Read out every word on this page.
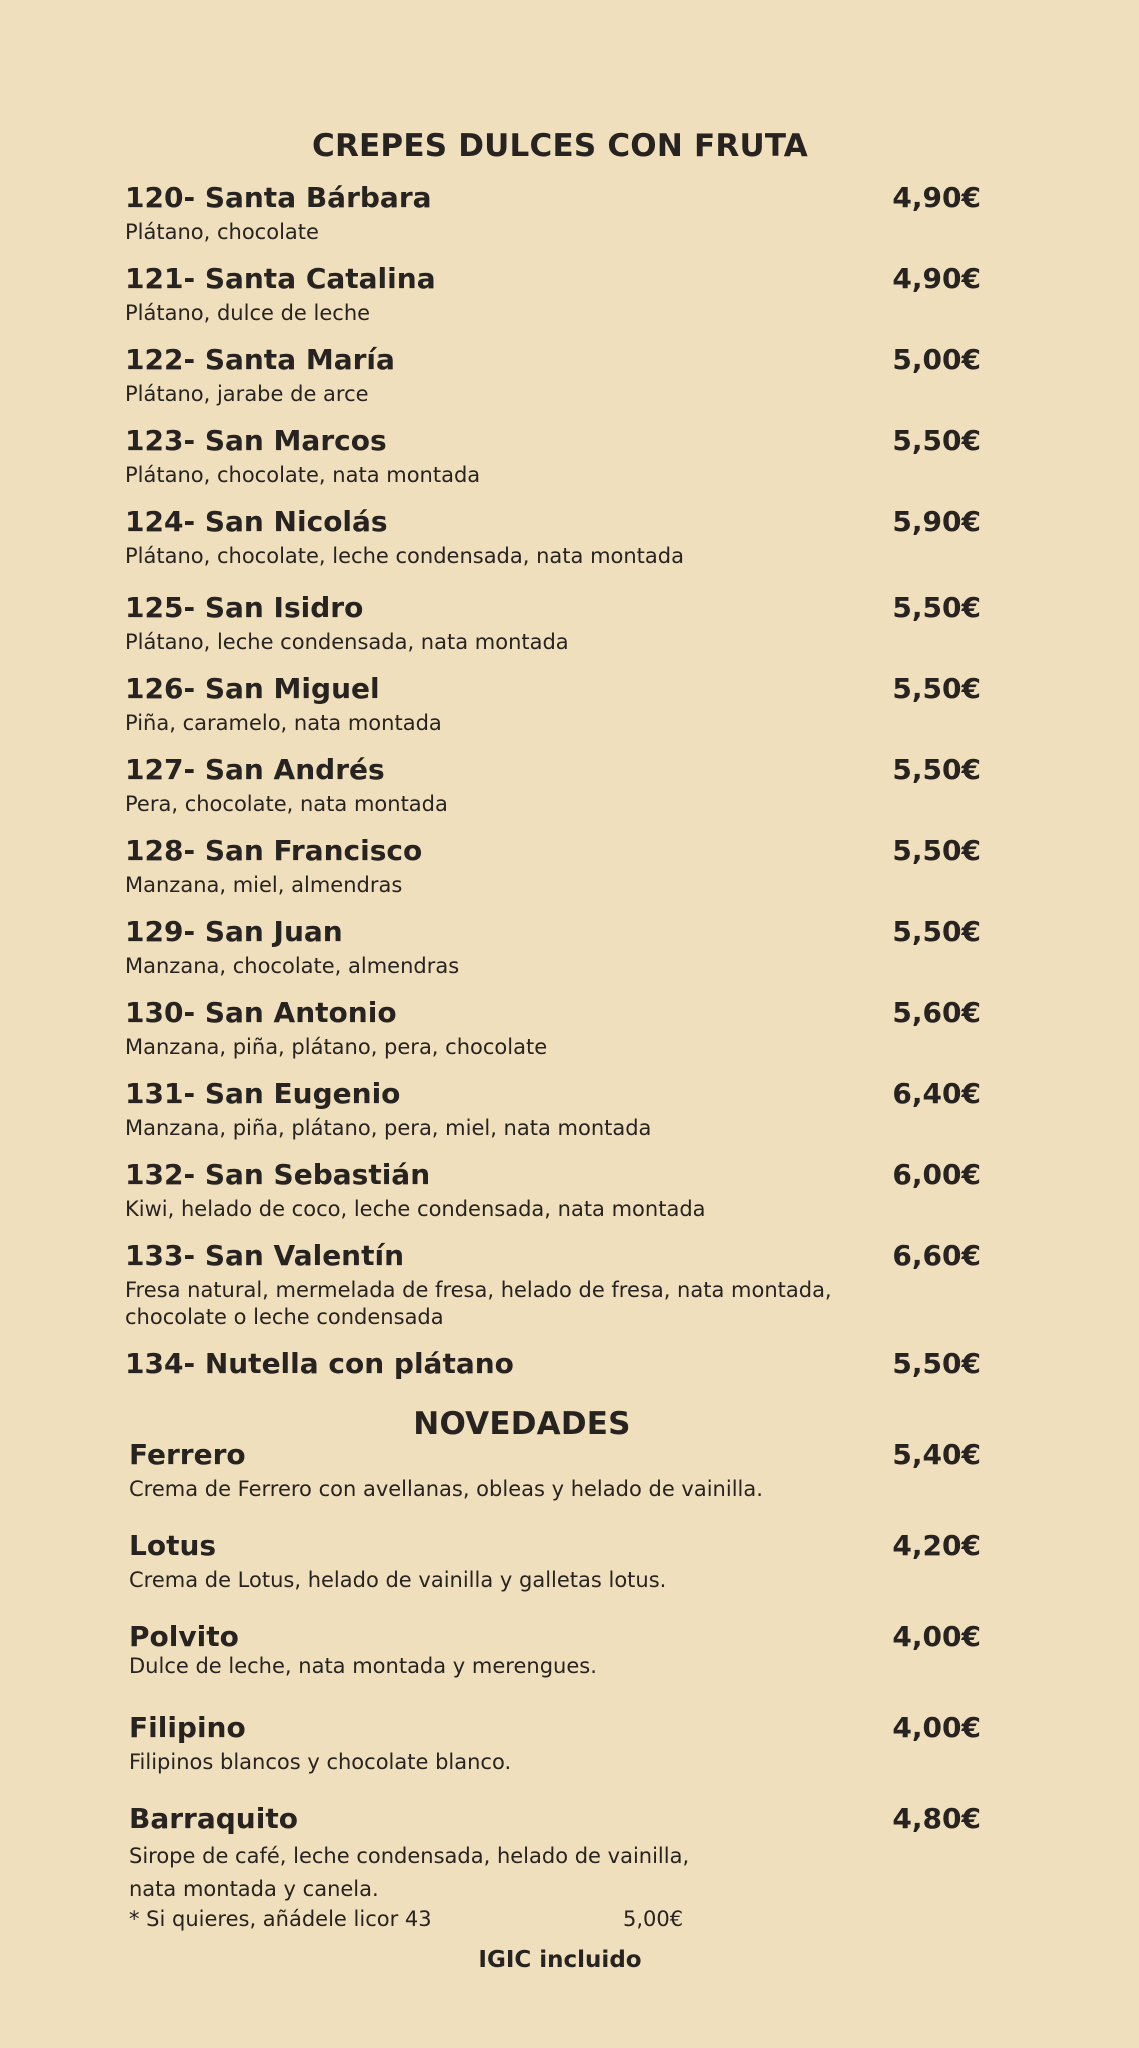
CREPES DULCES CON FRUTA
120- Santa Bárbara	4,90€
Plátano, chocolate
121- Santa Catalina	4,90€
Plátano, dulce de leche
122- Santa María	5,00€
Plátano, jarabe de arce
123- San Marcos	5,50€
Plátano, chocolate, nata montada
124- San Nicolás	5,90€
Plátano, chocolate, leche condensada, nata montada
125- San Isidro	5,50€
Plátano, leche condensada, nata montada
126- San Miguel	5,50€
Piña, caramelo, nata montada
127- San Andrés	5,50€
Pera, chocolate, nata montada
128- San Francisco	5,50€
Manzana, miel, almendras
129- San Juan	5,50€
Manzana, chocolate, almendras
130- San Antonio	5,60€
Manzana, piña, plátano, pera, chocolate
131- San Eugenio	6,40€
Manzana, piña, plátano, pera, miel, nata montada
132- San Sebastián	6,00€
Kiwi, helado de coco, leche condensada, nata montada
133- San Valentín	6,60€
Fresa natural, mermelada de fresa, helado de fresa, nata montada,
chocolate o leche condensada
134- Nutella con plátano	5,50€
NOVEDADES
Ferrero	5,40€
Crema de Ferrero con avellanas, obleas y helado de vainilla.
Lotus	4,20€
Crema de Lotus, helado de vainilla y galletas lotus.
Polvito	4,00€
Dulce de leche, nata montada y merengues.
Filipino	4,00€
Filipinos blancos y chocolate blanco.
Barraquito	4,80€
Sirope de café, leche condensada, helado de vainilla,
nata montada y canela.
* Si quieres, añádele licor 43	5,00€
IGIC incluido
